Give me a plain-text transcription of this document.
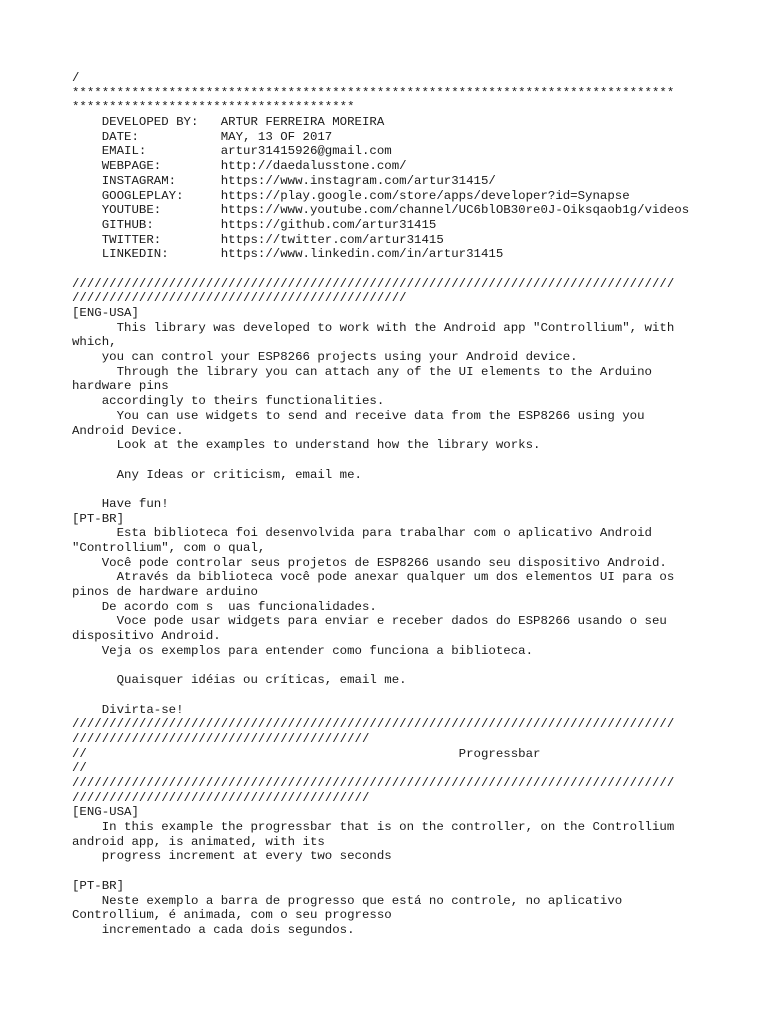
/
*********************************************************************************
**************************************
DEVELOPED BY:   ARTUR FERREIRA MOREIRA
DATE:           MAY, 13 OF 2017
EMAIL:          artur31415926@gmail.com
WEBPAGE:        http://daedalusstone.com/
INSTAGRAM:      https://www.instagram.com/artur31415/
GOOGLEPLAY:     https://play.google.com/store/apps/developer?id=Synapse
YOUTUBE:        https://www.youtube.com/channel/UC6blOB30re0J-Oiksqaob1g/videos
GITHUB:         https://github.com/artur31415
TWITTER:        https://twitter.com/artur31415
LINKEDIN:       https://www.linkedin.com/in/artur31415
/////////////////////////////////////////////////////////////////////////////////
/////////////////////////////////////////////
[ENG-USA]
This library was developed to work with the Android app "Controllium", with
which,
you can control your ESP8266 projects using your Android device.
Through the library you can attach any of the UI elements to the Arduino
hardware pins
accordingly to theirs functionalities.
You can use widgets to send and receive data from the ESP8266 using you
Android Device.
Look at the examples to understand how the library works.
Any Ideas or criticism, email me.
Have fun!
[PT-BR]
Esta biblioteca foi desenvolvida para trabalhar com o aplicativo Android
"Controllium", com o qual,
Você pode controlar seus projetos de ESP8266 usando seu dispositivo Android.
Através da biblioteca você pode anexar qualquer um dos elementos UI para os
pinos de hardware arduino
De acordo com s  uas funcionalidades.
Voce pode usar widgets para enviar e receber dados do ESP8266 usando o seu
dispositivo Android.
Veja os exemplos para entender como funciona a biblioteca.
Quaisquer idéias ou críticas, email me.
Divirta-se!
/////////////////////////////////////////////////////////////////////////////////
////////////////////////////////////////
//                                                  Progressbar
//
/////////////////////////////////////////////////////////////////////////////////
////////////////////////////////////////
[ENG-USA]
In this example the progressbar that is on the controller, on the Controllium
android app, is animated, with its
progress increment at every two seconds
[PT-BR]
Neste exemplo a barra de progresso que está no controle, no aplicativo
Controllium, é animada, com o seu progresso
incrementado a cada dois segundos.
